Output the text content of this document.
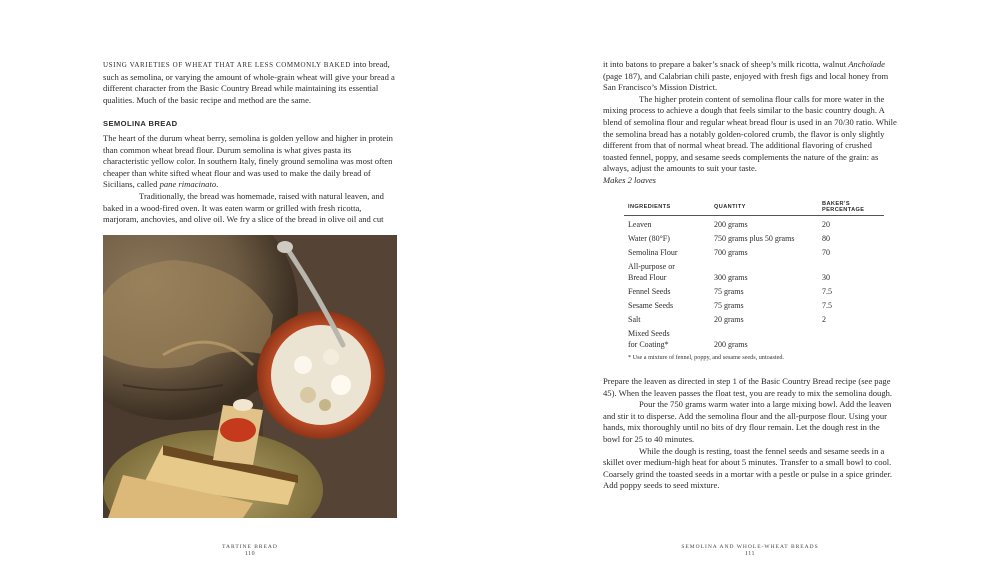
USING VARIETIES OF WHEAT THAT ARE LESS COMMONLY BAKED into bread, such as semolina, or varying the amount of whole-grain wheat will give your bread a different character from the Basic Country Bread while maintaining its essential qualities. Much of the basic recipe and method are the same.

SEMOLINA BREAD

The heart of the durum wheat berry, semolina is golden yellow and higher in protein than common wheat bread flour. Durum semolina is what gives pasta its characteristic yellow color. In southern Italy, finely ground semolina was most often cheaper than white sifted wheat flour and was used to make the daily bread of Sicilians, called pane rimacinato.

Traditionally, the bread was homemade, raised with natural leaven, and baked in a wood-fired oven. It was eaten warm or grilled with fresh ricotta, marjoram, anchovies, and olive oil. We fry a slice of the bread in olive oil and cut

TARTINE BREAD
110

it into batons to prepare a baker’s snack of sheep’s milk ricotta, walnut Anchoïade (page 187), and Calabrian chili paste, enjoyed with fresh figs and local honey from San Francisco’s Mission District.

The higher protein content of semolina flour calls for more water in the mixing process to achieve a dough that feels similar to the basic country dough. A blend of semolina flour and regular wheat bread flour is used in an 70/30 ratio. While the semolina bread has a notably golden-colored crumb, the flavor is only slightly different from that of normal wheat bread. The additional flavoring of crushed toasted fennel, poppy, and sesame seeds complements the nature of the grain: as always, adjust the amounts to suit your taste.

Makes 2 loaves

INGREDIENTS	QUANTITY	BAKER’S PERCENTAGE
Leaven	200 grams	20
Water (80°F)	750 grams plus 50 grams	80
Semolina Flour	700 grams	70
All-purpose or		
Bread Flour	300 grams	30
Fennel Seeds	75 grams	7.5
Sesame Seeds	75 grams	7.5
Salt	20 grams	2
Mixed Seeds		
for Coating*	200 grams	
* Use a mixture of fennel, poppy, and sesame seeds, untoasted.

Prepare the leaven as directed in step 1 of the Basic Country Bread recipe (see page 45). When the leaven passes the float test, you are ready to mix the semolina dough.

Pour the 750 grams warm water into a large mixing bowl. Add the leaven and stir it to disperse. Add the semolina flour and the all-purpose flour. Using your hands, mix thoroughly until no bits of dry flour remain. Let the dough rest in the bowl for 25 to 40 minutes.

While the dough is resting, toast the fennel seeds and sesame seeds in a skillet over medium-high heat for about 5 minutes. Transfer to a small bowl to cool. Coarsely grind the toasted seeds in a mortar with a pestle or pulse in a spice grinder. Add poppy seeds to seed mixture.

SEMOLINA AND WHOLE-WHEAT BREADS
111
